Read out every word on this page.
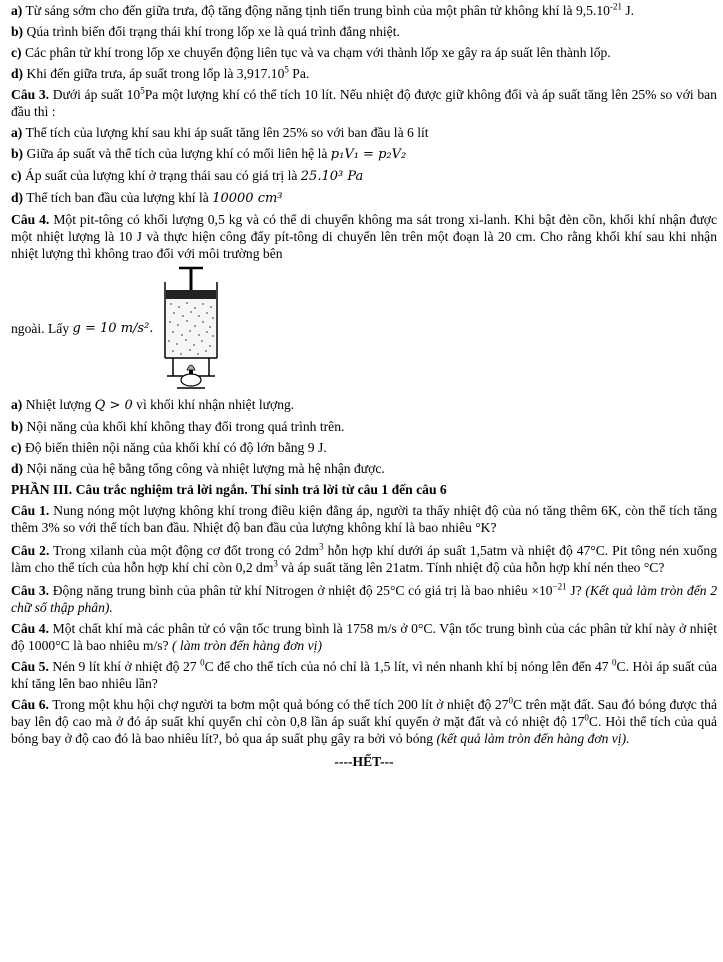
a) Từ sáng sớm cho đến giữa trưa, độ tăng động năng tịnh tiến trung bình của một phân tử không khí là $9,5.10^{-21}$ J.

b) Qúa trình biến đổi trạng thái khí trong lốp xe là quá trình đẳng nhiệt.

c) Các phân tử khí trong lốp xe chuyển động liên tục và va chạm với thành lốp xe gây ra áp suất lên thành lốp.

d) Khi đến giữa trưa, áp suất trong lốp là 3,917.10$^5$ Pa.

Câu 3. Dưới áp suất $10^5Pa$ một lượng khí có thể tích 10 lít. Nếu nhiệt độ được giữ không đổi và áp suất tăng lên 25% so với ban đầu thì :

a) Thể tích của lượng khí sau khi áp suất tăng lên 25% so với ban đầu là 6 lít

b) Giữa áp suất và thể tích của lượng khí có mối liên hệ là p₁V₁ = p₂V₂

c) Áp suất của lượng khí ở trạng thái sau có giá trị là 25.10³ Pa

d) Thể tích ban đầu của lượng khí là 10000 cm³

Câu 4. Một pit-tông có khối lượng 0,5 kg và có thể di chuyển không ma sát trong xi-lanh. Khi bật đèn cồn, khối khí nhận được một nhiệt lượng là 10 J và thực hiện công đẩy pít-tông di chuyển lên trên một đoạn là 20 cm. Cho rằng khối khí sau khi nhận nhiệt lượng thì không trao đổi với môi trường bên

ngoài. Lấy
g = 10 m/s².

a) Nhiệt lượng Q > 0 vì khối khí nhận nhiệt lượng.

b) Nội năng của khối khí không thay đổi trong quá trình trên.

c) Độ biến thiên nội năng của khối khí có độ lớn bằng 9 J.

d) Nội năng của hệ bằng tổng công và nhiệt lượng mà hệ nhận được.

PHẦN III. Câu trắc nghiệm trả lời ngắn. Thí sinh trả lời từ câu 1 đến câu 6

Câu 1. Nung nóng một lượng không khí trong điều kiện đẳng áp, người ta thấy nhiệt độ của nó tăng thêm 6K, còn thể tích tăng thêm 3% so với thể tích ban đầu. Nhiệt độ ban đầu của lượng không khí là bao nhiêu °K?

Câu 2. Trong xilanh của một động cơ đốt trong có $2dm^3$ hỗn hợp khí dưới áp suất 1,5atm và nhiệt độ 47°C. Pit tông nén xuống làm cho thể tích của hỗn hợp khí chỉ còn 0,2 $dm^3$ và áp suất tăng lên 21atm. Tính nhiệt độ của hỗn hợp khí nén theo °C?

Câu 3. Động năng trung bình của phân tử khí Nitrogen ở nhiệt độ 25°C có giá trị là bao nhiêu $\times 10^{-21}$ J? (Kết quả làm tròn đến 2 chữ số thập phân).

Câu 4. Một chất khí mà các phân tử có vận tốc trung bình là 1758 m/s ở 0°C. Vận tốc trung bình của các phân tử khí này ở nhiệt độ 1000°C là bao nhiêu m/s? ( làm tròn đến hàng đơn vị)

Câu 5. Nén 9 lít khí ở nhiệt độ 27 $^0$C để cho thể tích của nó chỉ là 1,5 lít, vì nén nhanh khí bị nóng lên đến 47 $^0$C. Hỏi áp suất của khí tăng lên bao nhiêu lần?

Câu 6. Trong một khu hội chợ người ta bơm một quả bóng có thể tích 200 lít ở nhiệt độ $27^0C$ trên mặt đất. Sau đó bóng được thả bay lên độ cao mà ở đó áp suất khí quyển chỉ còn 0,8 lần áp suất khí quyển ở mặt đất và có nhiệt độ $17^0C$. Hỏi thể tích của quả bóng bay ở độ cao đó là bao nhiêu lít?, bỏ qua áp suất phụ gây ra bởi vỏ bóng (kết quả làm tròn đến hàng đơn vị).

----HẾT---
